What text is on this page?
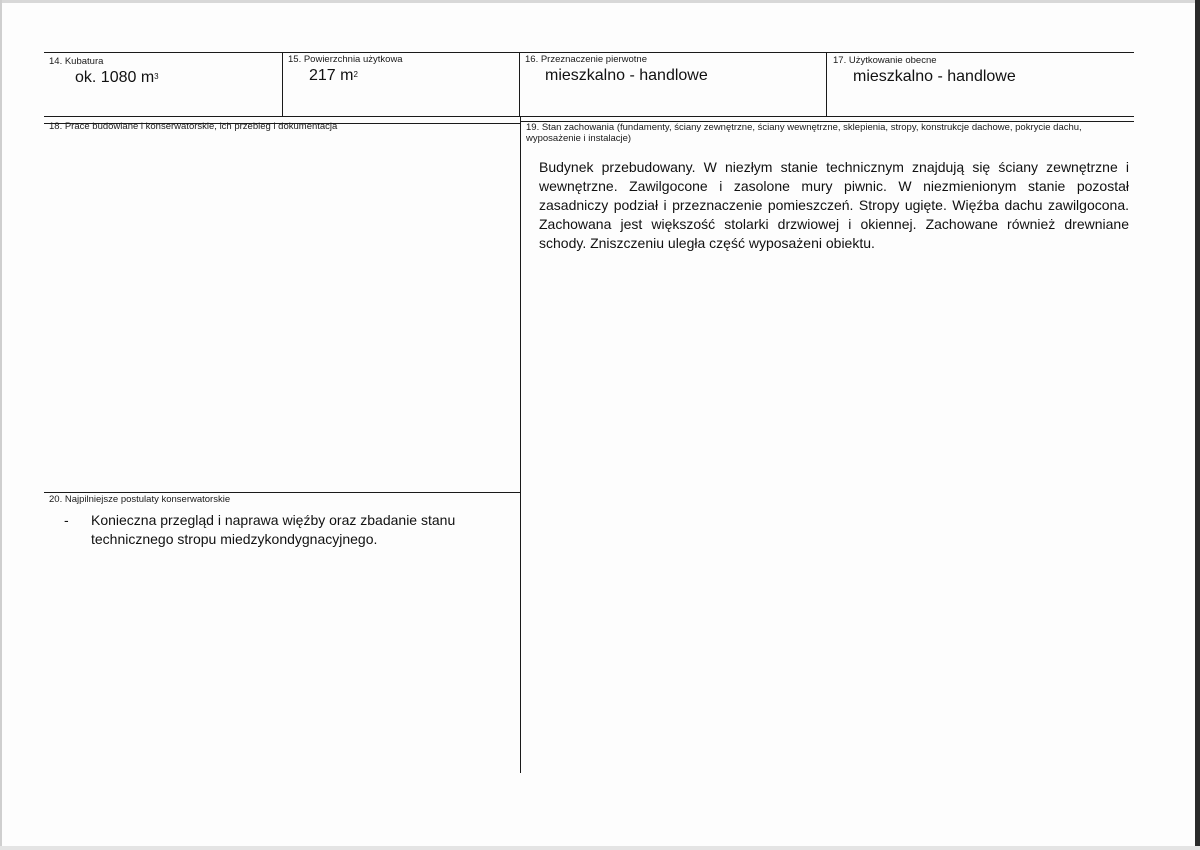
14. Kubatura
ok. 1080 $m^3$
15. Powierzchnia użytkowa
217 $m^2$
16. Przeznaczenie pierwotne
mieszkalno - handlowe
17. Użytkowanie obecne
mieszkalno - handlowe
18. Prace budowlane i konserwatorskie, ich przebieg i dokumentacja	19. Stan zachowania (fundamenty, ściany zewnętrzne, ściany wewnętrzne, sklepienia, stropy, konstrukcje dachowe, pokrycie dachu, wyposażenie i instalacje)
Budynek przebudowany. W niezłym stanie technicznym znajdują się ściany zewnętrzne i wewnętrzne. Zawilgocone i zasolone mury piwnic. W niezmienionym stanie pozostał zasadniczy podział i przeznaczenie pomieszczeń. Stropy ugięte. Więźba dachu zawilgocona. Zachowana jest większość stolarki drzwiowej i okiennej. Zachowane również drewniane schody. Zniszczeniu uległa część wyposażeni obiektu.
20. Najpilniejsze postulaty konserwatorskie
- Konieczna przegląd i naprawa więźby oraz zbadanie stanu technicznego stropu miedzykondygnacyjnego.
